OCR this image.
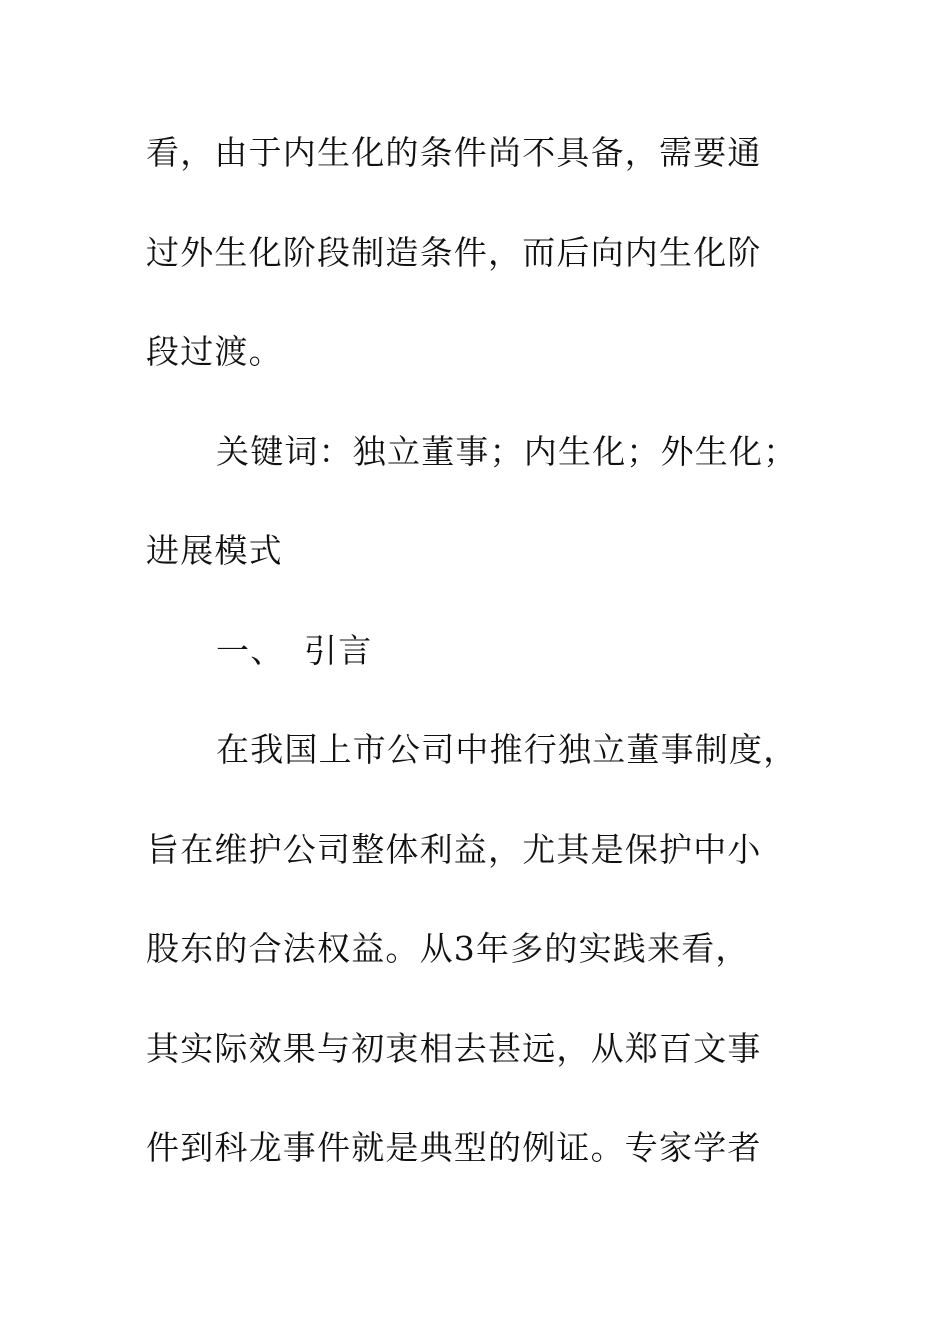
看，由于内生化的条件尚不具备，需要通
过外生化阶段制造条件，而后向内生化阶
段过渡。
关键词：独立董事；内生化；外生化；
进展模式
一、 引言
在我国上市公司中推行独立董事制度，
旨在维护公司整体利益，尤其是保护中小
股东的合法权益。从3年多的实践来看，
其实际效果与初衷相去甚远，从郑百文事
件到科龙事件就是典型的例证。专家学者
